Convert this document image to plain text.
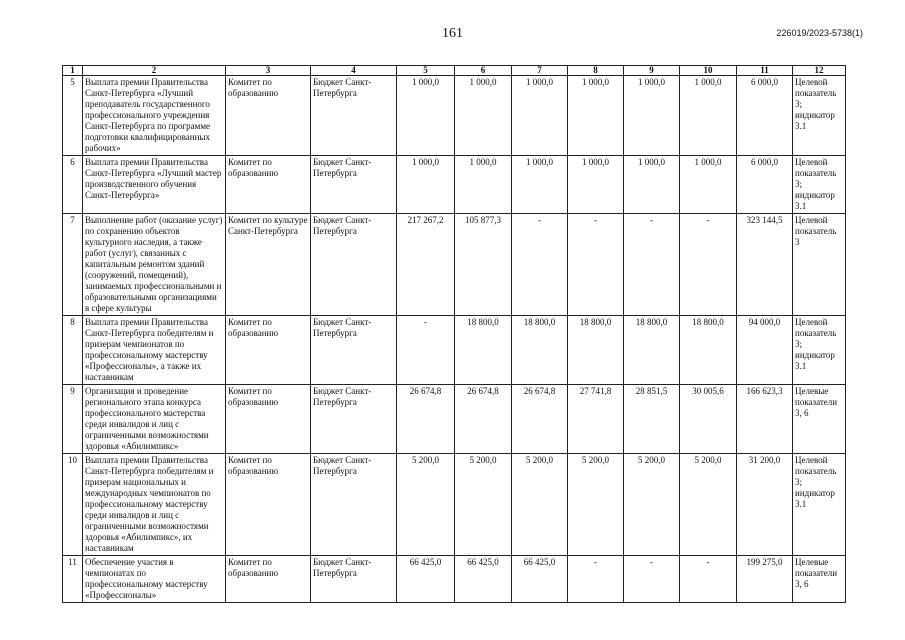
161	226019/2023-5738(1)
1	2	3	4	5	6	7	8	9	10	11	12
5	Выплата премии Правительства Санкт-Петербурга «Лучший преподаватель государственного профессионального учреждения Санкт-Петербурга по программе подготовки квалифицированных рабочих»	Комитет по образованию	Бюджет Санкт-Петербурга	1 000,0	1 000,0	1 000,0	1 000,0	1 000,0	1 000,0	6 000,0	Целевой показатель 3; индикатор 3.1
6	Выплата премии Правительства Санкт-Петербурга «Лучший мастер производственного обучения Санкт-Петербурга»	Комитет по образованию	Бюджет Санкт-Петербурга	1 000,0	1 000,0	1 000,0	1 000,0	1 000,0	1 000,0	6 000,0	Целевой показатель 3; индикатор 3.1
7	Выполнение работ (оказание услуг) по сохранению объектов культурного наследия, а также работ (услуг), связанных с капитальным ремонтом зданий (сооружений, помещений), занимаемых профессиональными и образовательными организациями в сфере культуры	Комитет по культуре Санкт-Петербурга	Бюджет Санкт-Петербурга	217 267,2	105 877,3	-	-	-	-	323 144,5	Целевой показатель 3
8	Выплата премии Правительства Санкт-Петербурга победителям и призерам чемпионатов по профессиональному мастерству «Профессионалы», а также их наставникам	Комитет по образованию	Бюджет Санкт-Петербурга	-	18 800,0	18 800,0	18 800,0	18 800,0	18 800,0	94 000,0	Целевой показатель 3; индикатор 3.1
9	Организация и проведение регионального этапа конкурса профессионального мастерства среди инвалидов и лиц с ограниченными возможностями здоровья «Абилимпикс»	Комитет по образованию	Бюджет Санкт-Петербурга	26 674,8	26 674,8	26 674,8	27 741,8	28 851,5	30 005,6	166 623,3	Целевые показатели 3, 6
10	Выплата премии Правительства Санкт-Петербурга победителям и призерам национальных и международных чемпионатов по профессиональному мастерству среди инвалидов и лиц с ограниченными возможностями здоровья «Абилимпикс», их наставникам	Комитет по образованию	Бюджет Санкт-Петербурга	5 200,0	5 200,0	5 200,0	5 200,0	5 200,0	5 200,0	31 200,0	Целевой показатель 3; индикатор 3.1
11	Обеспечение участия в чемпионатах по профессиональному мастерству «Профессионалы»	Комитет по образованию	Бюджет Санкт-Петербурга	66 425,0	66 425,0	66 425,0	-	-	-	199 275,0	Целевые показатели 3, 6
